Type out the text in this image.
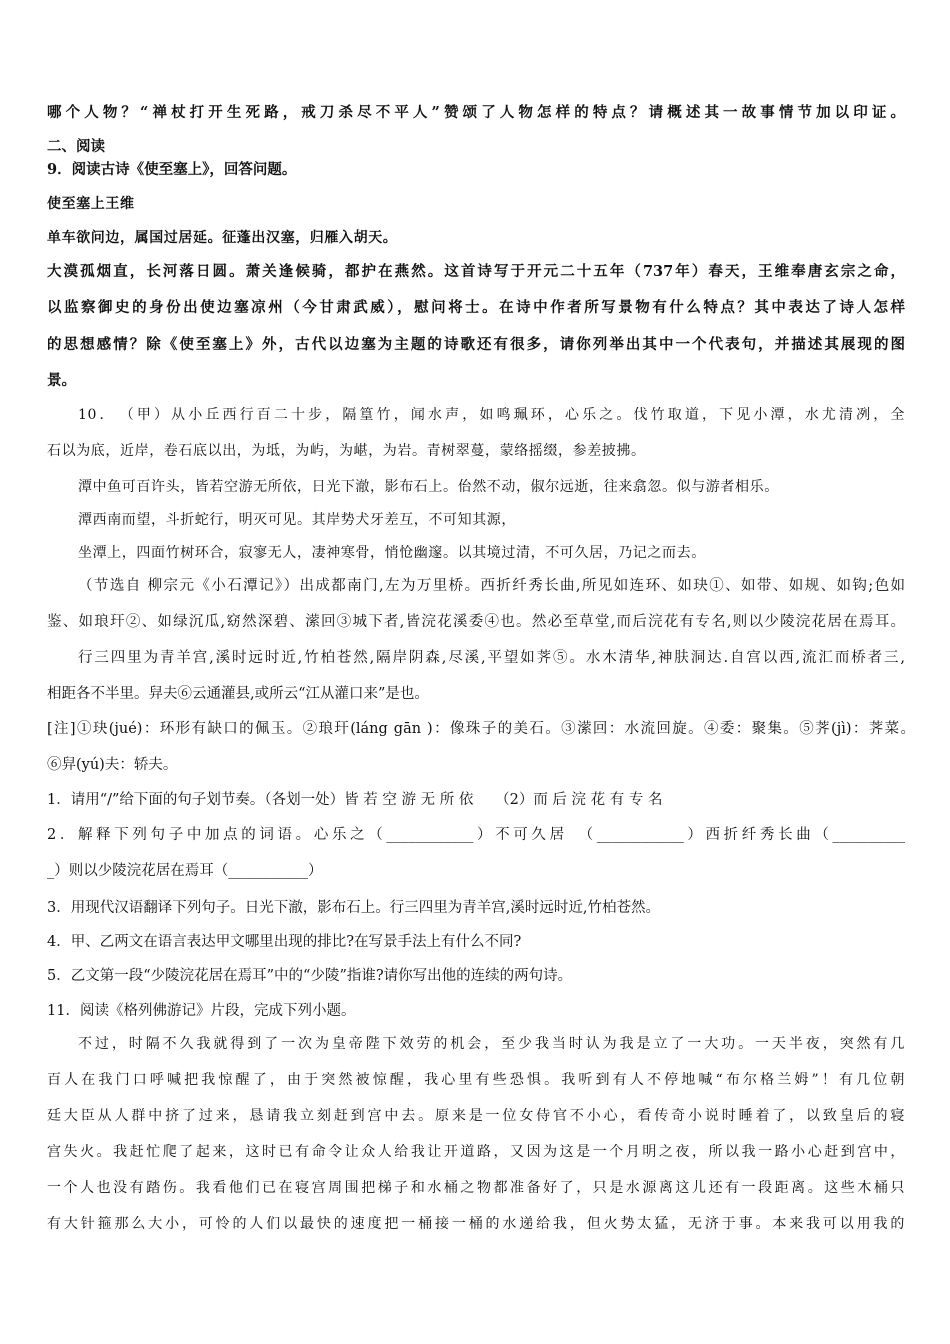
哪个人物？“禅杖打开生死路，戒刀杀尽不平人”赞颂了人物怎样的特点？请概述其一故事情节加以印证。
二、阅读
9．阅读古诗《使至塞上》，回答问题。
使至塞上王维
单车欲问边，属国过居延。征蓬出汉塞，归雁入胡天。
大漠孤烟直，长河落日圆。萧关逢候骑，都护在燕然。这首诗写于开元二十五年（737年）春天，王维奉唐玄宗之命，
以监察御史的身份出使边塞凉州（今甘肃武威），慰问将士。在诗中作者所写景物有什么特点？其中表达了诗人怎样
的思想感情？除《使至塞上》外，古代以边塞为主题的诗歌还有很多，请你列举出其中一个代表句，并描述其展现的图
景。
10．　（甲）从小丘西行百二十步，隔篁竹，闻水声，如鸣珮环，心乐之。伐竹取道，下见小潭，水尤清冽，全
石以为底，近岸，卷石底以出，为坻，为屿，为嵁，为岩。青树翠蔓，蒙络摇缀，参差披拂。
潭中鱼可百许头，皆若空游无所依，日光下澈，影布石上。佁然不动，俶尔远逝，往来翕忽。似与游者相乐。
潭西南而望，斗折蛇行，明灭可见。其岸势犬牙差互，不可知其源，
坐潭上，四面竹树环合，寂寥无人，凄神寒骨，悄怆幽邃。以其境过清，不可久居，乃记之而去。
（节选自 柳宗元《小石潭记》）出成都南门,左为万里桥。西折纤秀长曲,所见如连环、如玦①、如带、如规、如钩;色如
鉴、如琅玕②、如绿沉瓜,窈然深碧、潆回③城下者,皆浣花溪委④也。然必至草堂,而后浣花有专名,则以少陵浣花居在焉耳。
行三四里为青羊宫,溪时远时近,竹柏苍然,隔岸阴森,尽溪,平望如荠⑤。水木清华,神肤洞达.自宫以西,流汇而桥者三,
相距各不半里。舁夫⑥云通灌县,或所云“江从灌口来”是也。
[注]①玦(jué)：环形有缺口的佩玉。②琅玕(láng gān )：像珠子的美石。③潆回：水流回旋。④委：聚集。⑤荠(jì)：荠菜。
⑥舁(yú)夫：轿夫。
1．请用“/”给下面的句子划节奏。（各划一处）皆 若 空 游 无 所 依　　（2）而 后 浣 花 有 专 名
2．解释下列句子中加点的词语。心乐之（____________）不可久居　（____________）西折纤秀长曲（__________
_）则以少陵浣花居在焉耳（___________）
3．用现代汉语翻译下列句子。日光下澈，影布石上。行三四里为青羊宫,溪时远时近,竹柏苍然。
4．甲、乙两文在语言表达甲文哪里出现的排比?在写景手法上有什么不同?
5．乙文第一段“少陵浣花居在焉耳”中的“少陵”指谁?请你写出他的连续的两句诗。
11．阅读《格列佛游记》片段，完成下列小题。
不过，时隔不久我就得到了一次为皇帝陛下效劳的机会，至少我当时认为我是立了一大功。一天半夜，突然有几
百人在我门口呼喊把我惊醒了，由于突然被惊醒，我心里有些恐惧。我听到有人不停地喊“布尔格兰姆”！有几位朝
廷大臣从人群中挤了过来，恳请我立刻赶到宫中去。原来是一位女侍官不小心，看传奇小说时睡着了，以致皇后的寝
宫失火。我赶忙爬了起来，这时已有命令让众人给我让开道路，又因为这是一个月明之夜，所以我一路小心赶到宫中，
一个人也没有踏伤。我看他们已在寝宫周围把梯子和水桶之物都准备好了，只是水源离这儿还有一段距离。这些木桶只
有大针箍那么大小，可怜的人们以最快的速度把一桶接一桶的水递给我，但火势太猛，无济于事。本来我可以用我的
